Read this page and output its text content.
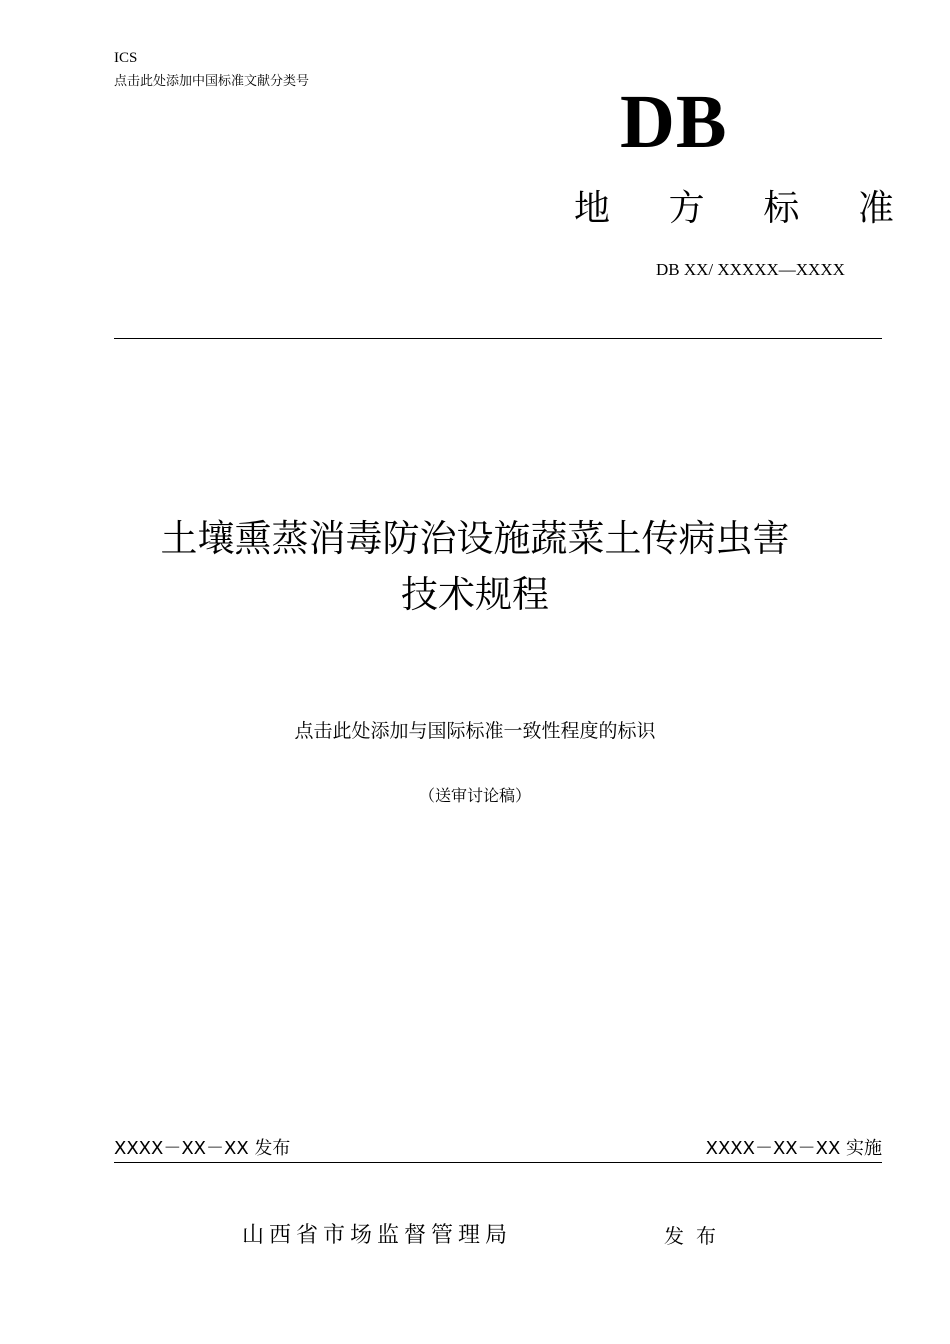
ICS
点击此处添加中国标准文献分类号	DB
地 方 标 准
DB XX/ XXXXX—XXXX
土壤熏蒸消毒防治设施蔬菜土传病虫害
技术规程
点击此处添加与国际标准一致性程度的标识
（送审讨论稿）
XXXX－XX－XX 发布	XXXX－XX－XX 实施
山西省市场监督管理局	发布
